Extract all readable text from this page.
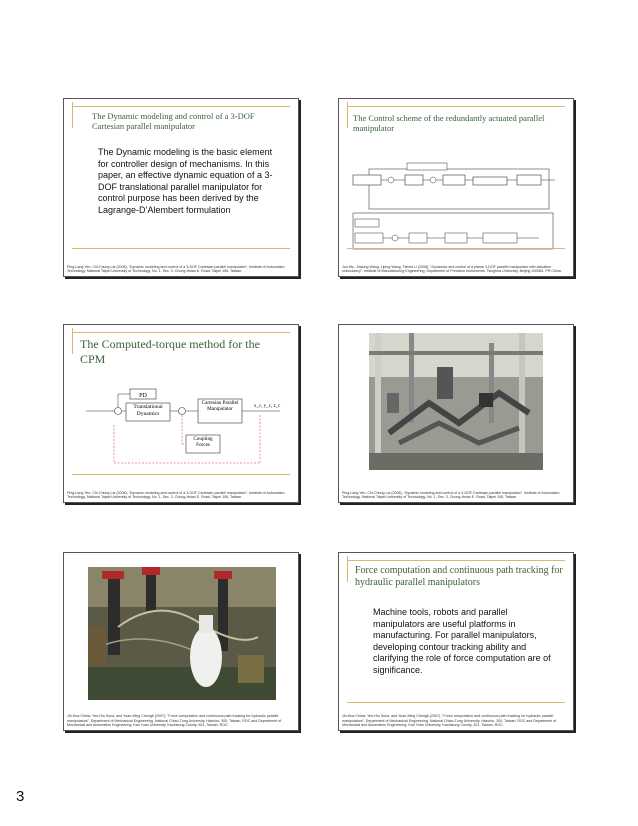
The Dynamic modeling and control of a 3-DOF Cartesian parallel manipulator
The Dynamic modeling is the basic element for controller design of mechanisms. In this paper, an effective dynamic equation of a 3-DOF translational parallel manipulator for control purpose has been derived by the Lagrange-D’Alembert formulation
Ping-Lang Yen, Chi-Chung Lai (2008), “Dynamic modeling and control of a 3-DOF Cartesian parallel manipulator”, Institute of Automation Technology, National Taipei University of Technology, No. 1, Sec. 3, Chung-Hsiao E. Road, Taipei 106, Taiwan.
The Control scheme of the redundantly actuated parallel manipulator
Jun Wu, Jinsong Wang, Liping Wang, Tiemin Li (2008),” Dynamics and control of a planar 3-DOF parallel manipulator with actuation redundancy”, Institute of Manufacturing Engineering, Department of Precision Instruments, Tsinghua University, Beijing 100084, PR China.
The Computed-torque method for the CPM
PD
Translational Dynamics
Cartesian Parallel Manipulator	x_c, y_c, z_c
Coupling Forces
Ping-Lang Yen, Chi-Chung Lai (2008), “Dynamic modeling and control of a 3-DOF Cartesian parallel manipulator”, Institute of Automation Technology, National Taipei University of Technology, No. 1, Sec. 3, Chung-Hsiao E. Road, Taipei 106, Taiwan.
Ping-Lang Yen, Chi-Chung Lai (2008), “Dynamic modeling and control of a 3-DOF Cartesian parallel manipulator”, Institute of Automation Technology, National Taipei University of Technology, No. 1, Sec. 3, Chung-Hsiao E. Road, Taipei 106, Taiwan.
Jih-Hua Chinw, Yen-Hiu Suna, and Yuan-Ming Chengb (2007),” Force computation and continuous path tracking for hydraulic parallel manipulators”, Department of Mechanical Engineering, National Chiao-Tung University, Hsinchu, 300, Taiwan, ROC and Department of Mechanical and Automation Engineering, Kao Yuan University, Kaohsiung County, 821, Taiwan, ROC.
Force computation and continuous path tracking for hydraulic parallel manipulators
Machine tools, robots and parallel manipulators are useful platforms in manufacturing. For parallel manipulators, developing contour tracking ability and clarifying the role of force computation are of significance.
Jih-Hua Chinw, Yen-Hiu Suna, and Yuan-Ming Chengb (2007),” Force computation and continuous path tracking for hydraulic parallel manipulators”, Department of Mechanical Engineering, National Chiao-Tung University, Hsinchu, 300, Taiwan, ROC and Department of Mechanical and Automation Engineering, Kao Yuan University, Kaohsiung County, 821, Taiwan, ROC.
3
